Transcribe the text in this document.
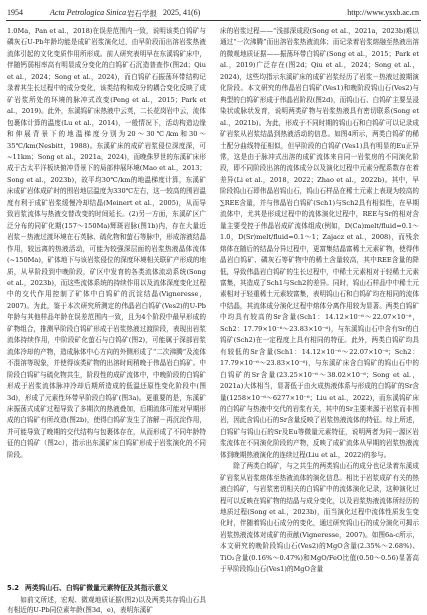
1954	Acta Petrologica Sinica 岩石学报 2025, 41(6)	http://www.ysxb.ac.cn

1.0Ma，Pan et al.，2018)在误差范围内一致，说明该类白钨矿与磷灰石U-Pb年龄均能是成矿岩浆演化过，由早阶段而出溶岩浆热液流体引起的文化变质作用所形成。前人研究表明早在东溪钨矿床中，伴随钙弱相率高有明显成分变化的白钨矿石沉造普查作(图2d；Qiu et al.，2024；Song et al.，2024)，而白钨矿石振荡环带结构记录着其生长过程中的成分变化，该类结构和成分的耦合变化反映了成矿岩浆所处的环境的脉冲式改变(Peng et al.，2015；Park et al.，2019)。此外，东溪钨矿床热液中云英，二长花岗岩中云，流体包裹体计算的温度(Lu et al.，2014)，一般情况下，活动构造边缘和伸展背景下的地温梯度分别为20～30℃/km和30～35℃/km(Nesbitt，1988)。东溪矿床的成矿岩浆侵位深度深，可~11km；Song et al.，2021a，2024)，而晚侏罗世的东溪矿床形成于古太平洋板块俯冲背景下的局部伸展环境(Mao et al.，2013；Song et al.，2023b)，故平均30℃/km的地温梯度计算，东溪矿床成矿岩体成矿时的围岩地层温度为330℃左右，这一较高的围岩温度有利于成矿岩浆缓慢冷却结晶(Meinert et al.，2005)，从而导致岩浆流体与热液交替改变的时间延长。(2)另一方面，东溪矿区广泛分布的同矿化期(157～150Ma)辉斑岩脉(图1b)内，存在大量近岩浆－热液过渡环境在石英脉、硫化物和萤石等脉中，形成溶液结晶作用，较远离的热液活动，可能为较强深层面的岩浆热液晶体流体(~150Ma)，矿体地下与该岩浆侵位的深度环境相关联矿产形成的地质，从早阶段到中晚阶段，矿区中发育的各类流体流动系统(Song et al.，2023b)，而这些流体系统的持续作用以及流体深度变化过程中的交代作用控制了矿体中白钨矿的沉淀结晶(Vigneresse，2007)。为此，鉴于本次研究所测定的伟晶岩白钨矿(Ves2)的U-Pb年龄与其他样品年龄在误差范围内一致，且为4个阶段中最早形成的矿物组合，推测早阶段白钨矿形成于岩浆热液过渡阶段，表现出岩浆流体持续作用，中阶段矿化萤石与白钨矿(图2)，可能属于深部岩浆流体冷却的产物，造成脉体中心方向的外侧形成了“二次沸腾”及流体不混溶等现象，并使得该类矿物的出溶时间稍晚于伟晶岩白钨矿。中阶段白钨矿与硫化物共生，阶段性的成矿流体中，中晚阶段的白钨矿形成于岩浆流体脉冲冷却后期所造成的低温还原性变化阶段中(图3d)，形成了元素性环带早阶段白钨矿(图3a)。更重要的是，东溪矿床振荡式成矿过程导致了多期次的热液叠加，后期流体可能对早期形成的白钨矿有所改造(图2b)，使得白钨矿发生了溶解－再沉淀作用，并可能导致了晚期的交代结构与包裹体存在，从而形成了不同年龄特征的白钨矿（图2c），指示出东溪矿床白钨矿形成于岩浆演化的不同阶段。

5.2 两类钨山石、白钨矿微量元素特征及其指示意义
如前文所述，宏观、微观地质证据(图2)以及两类共存钨山石具有相近的U-Pb同位素年龄(图3d，e)，表明东溪矿

床的岩浆过程——“浅部深成段(Song et al.，2021a，2023b)难以通过“一次沸腾”而出溶岩浆热液流体；而记录着岩浆熔融至热液出溶的微观地质证据——振荡环带白钨矿(Song et al.，2015；Park et al.，2019)广泛存在(图2d；Qiu et al.，2024；Song et al.，2024)，这些均指示东溪矿床的成矿岩浆经历了岩浆－热液过渡期演化阶段。本文研究的伟晶岩白钨矿(Ves1)和晚阶段钨山石(Ves2)与典型的白钨矿形成于伟晶岩阶段(图2d)，而钨山石、白钨矿主要呈浸染状或脉状发育，说明两类矿物与岩浆热液具有密切联系(Song et al.，2021b)。为此，形成于不同时期的钨山石和白钨矿可以记录成矿岩浆从岩浆结晶到热液活动的信息。如图4所示，两类白钨矿的稀土配分曲线特征相似，但早阶段的白钨矿(Ves1)具有明显的Eu正异常，这是由于脉冲式出溶的成矿流体来自同一岩浆房的不同演化阶段，即不同阶段出溶的流体成分以及演化过程中元素分配系数存在着差异(Li et al.，2018，2022；Zhao et al.，2022b)。其中，早阶段钨山石即伟晶岩钨山石，钨山石样品在稀土元素上表现为较高的∑REE含量，并与伟晶岩白钨矿(Sch1)与Sch2具有相似性，在早期流体中，尤其是形成过程中的流体演化过程中，REE与Sr的相对含量主要受控于伟晶岩成矿流体组成(例如，D(Ca)melt/fluid=0.1～1.0，D(Sr)melt/fluid=0.1～1；Zajacz et al.，2008)，而残余熔体在随后的结晶分异过程中，更富集结晶富稀土元素矿物，使得伟晶岩白钨矿、磷灰石等矿物中的稀土含量较高，其中REE含量的降低，导致伟晶岩白钨矿的生长过程中，中稀土元素相对于轻稀土元素富集，其造成了Sch1与Sch2的差异。同时，钨山石样品中中稀土元素相对于轻重稀土元素较富集，表明钨山石和白钨矿均在相同的流体中结晶，其流体成分演化过程中熔体分离作用较为显著。两类白钨矿中均具有较高的Sr含量(Sch1：14.12×10⁻⁶～22.07×10⁻⁶，Sch2：17.79×10⁻⁶～23.83×10⁻⁶)，与东溪钨山石中含有Sr的白钨矿(Sch2)在一定程度上具有相同的特征。此外，两类白钨矿均具有较低的Sr含量(Sch1：14.12×10⁻⁶～22.07×10⁻⁶；Sch2：17.79×10⁻⁶～23.83×10⁻⁶)，与东溪矿床含白钨矿的钨山石中的白钨矿的Sr含量(23.25×10⁻⁶～38.02×10⁻⁶；Song et al.，2021a)大体相当，显著低于由火成热液体系与形成的白钨矿的Sr含量(1258×10⁻⁶～6277×10⁻⁶；Liu et al.，2022)，而东溪钨矿床的白钨矿与热液中交代的岩浆有关，其中的Sr主要来源于岩浆而非围岩，因此含钨山石的Sr含量反映了岩浆热液流体的特征。综上所述，白钨矿与钨山石的Sr及Eu等微量元素特征，说明两者为同一源区岩浆流体在不同演化阶段的产物，反映了成矿流体从早期的岩浆热液流体到晚期热液演化的连续过程(Liu et al.，2022)的参与。

除了两类白钨矿，与之共生的两类钨山石的成分也记录着东溪成矿岩浆从岩浆熔体至热液流体的演化信息。相比于岩浆成矿有关的热液白钨矿，与岩浆密切相关的白钨矿中的流体演化记录，这种演化过程可以反映在钨矿物的结晶与成分变化，以及岩浆热液流体所经历的地质过程(Song et al.，2023b)，而当演化过程中流体性质发生变化时，伴随着钨山石成分的变化，通过研究钨山石的成分演化可揭示岩浆热液流体对成矿的贡献(Vigneresse，2007)。如图6a-c所示，本文研究的晚阶段钨山石(Ves2)的MgO含量(2.35%～2.68%)、TiO₂含量(0.16%～0.47%)和MgO/FeO比值(0.50～0.56)显著高于早阶段钨山石(Ves1)的MgO含量
